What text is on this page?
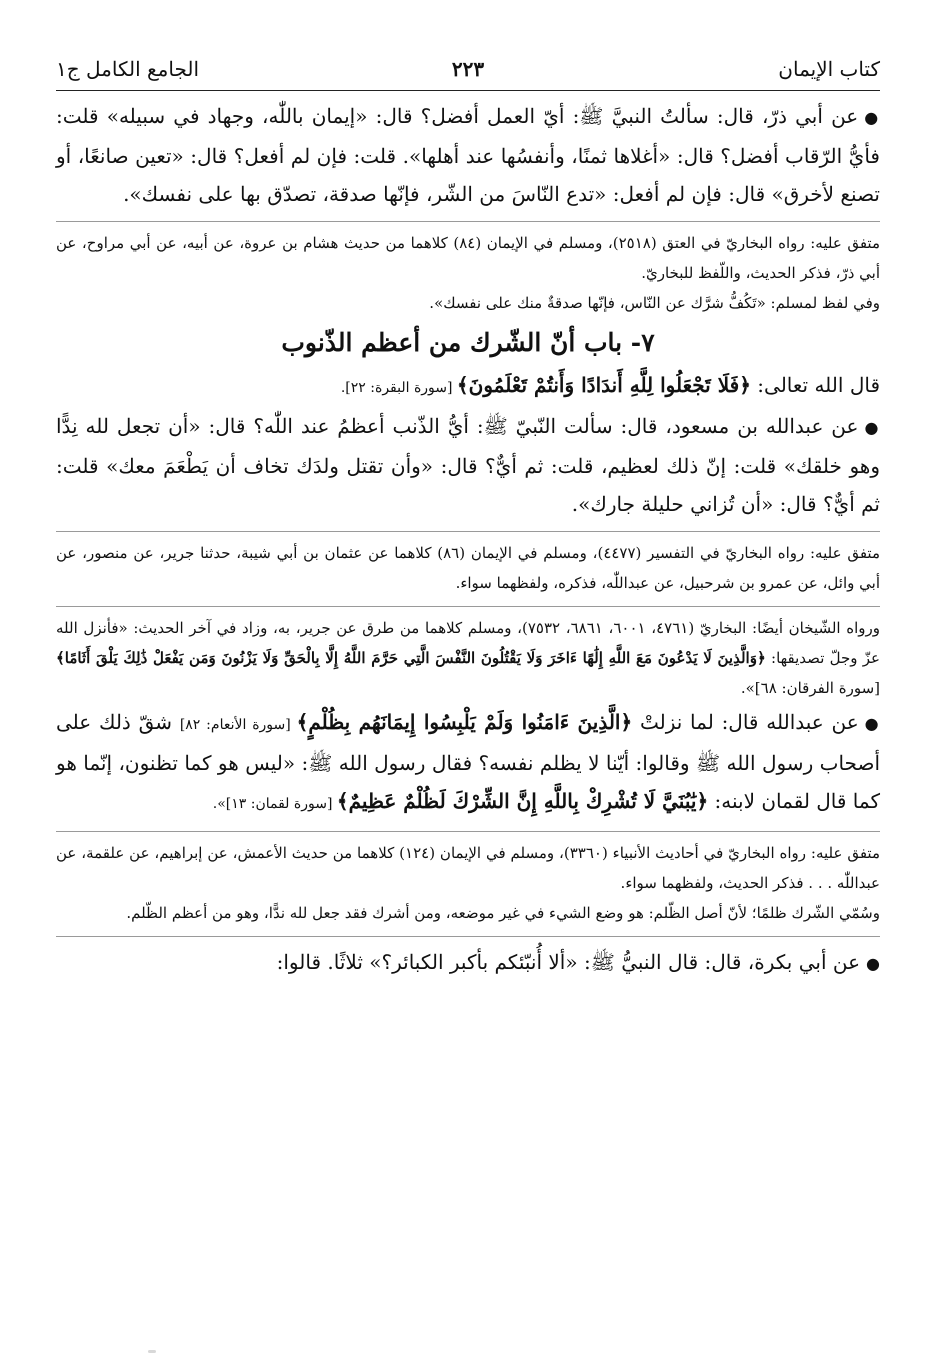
كتاب الإيمان
٢٢٣
الجامع الكامل ج١

●عن أبي ذرّ، قال: سألتُ النبيَّ ﷺ: أيّ العمل أفضل؟ قال: «إيمان باللّٰه، وجهاد في سبيله» قلت: فأيُّ الرّقاب أفضل؟ قال: «أغلاها ثمنًا، وأنفسُها عند أهلها». قلت: فإن لم أفعل؟ قال: «تعين صانعًا، أو تصنع لأخرق» قال: فإن لم أفعل: «تدع النّاسَ من الشّر، فإنّها صدقة، تصدّق بها على نفسك».

متفق عليه: رواه البخاريّ في العتق (٢٥١٨)، ومسلم في الإيمان (٨٤) كلاهما من حديث هشام بن عروة، عن أبيه، عن أبي مراوح، عن أبي ذرّ، فذكر الحديث، واللّفظ للبخاريّ.

وفي لفظ لمسلم: «تَكُفُّ شرَّك عن النّاس، فإنّها صدقةٌ منك على نفسك».

٧- باب أنّ الشّرك من أعظم الذّنوب

قال الله تعالى: ﴿فَلَا تَجْعَلُوا لِلَّهِ أَندَادًا وَأَنتُمْ تَعْلَمُونَ﴾ [سورة البقرة: ٢٢].

●عن عبدالله بن مسعود، قال: سألت النّبيّ ﷺ: أيُّ الذّنب أعظمُ عند اللّٰه؟ قال: «أن تجعل لله نِدًّا وهو خلقك» قلت: إنّ ذلك لعظيم، قلت: ثم أيٌّ؟ قال: «وأن تقتل ولدَك تخاف أن يَطْعَمَ معك» قلت: ثم أيٌّ؟ قال: «أن تُزاني حليلة جارك».

متفق عليه: رواه البخاريّ في التفسير (٤٤٧٧)، ومسلم في الإيمان (٨٦) كلاهما عن عثمان بن أبي شيبة، حدثنا جرير، عن منصور، عن أبي وائل، عن عمرو بن شرحبيل، عن عبداللّٰه، فذكره، ولفظهما سواء.

ورواه الشّيخان أيضًا: البخاريّ (٤٧٦١، ٦٠٠١، ٦٨٦١، ٧٥٣٢)، ومسلم كلاهما من طرق عن جرير، به، وزاد في آخر الحديث: «فأنزل الله عزّ وجلّ تصديقها: ﴿وَالَّذِينَ لَا يَدْعُونَ مَعَ اللَّهِ إِلَٰهًا ءَاخَرَ وَلَا يَقْتُلُونَ النَّفْسَ الَّتِي حَرَّمَ اللَّهُ إِلَّا بِالْحَقِّ وَلَا يَزْنُونَ وَمَن يَفْعَلْ ذَٰلِكَ يَلْقَ أَثَامًا﴾ [سورة الفرقان: ٦٨]».

●عن عبدالله قال: لما نزلتْ ﴿الَّذِينَ ءَامَنُوا وَلَمْ يَلْبِسُوا إِيمَانَهُم بِظُلْمٍ﴾ [سورة الأنعام: ٨٢] شقّ ذلك على أصحاب رسول الله ﷺ وقالوا: أيّنا لا يظلم نفسه؟ فقال رسول الله ﷺ: «ليس هو كما تظنون، إنّما هو كما قال لقمان لابنه: ﴿يَٰبُنَيَّ لَا تُشْرِكْ بِاللَّهِ إِنَّ الشِّرْكَ لَظُلْمٌ عَظِيمٌ﴾ [سورة لقمان: ١٣]».

متفق عليه: رواه البخاريّ في أحاديث الأنبياء (٣٣٦٠)، ومسلم في الإيمان (١٢٤) كلاهما من حديث الأعمش، عن إبراهيم، عن علقمة، عن عبداللّٰه . . . فذكر الحديث، ولفظهما سواء.

وسُمّي الشّرك ظلمًا؛ لأنّ أصل الظّلم: هو وضع الشيء في غير موضعه، ومن أشرك فقد جعل لله ندًّا، وهو من أعظم الظّلم.

●عن أبي بكرة، قال: قال النبيُّ ﷺ: «ألا أُنبّئكم بأكبر الكبائر؟» ثلاثًا. قالوا:
